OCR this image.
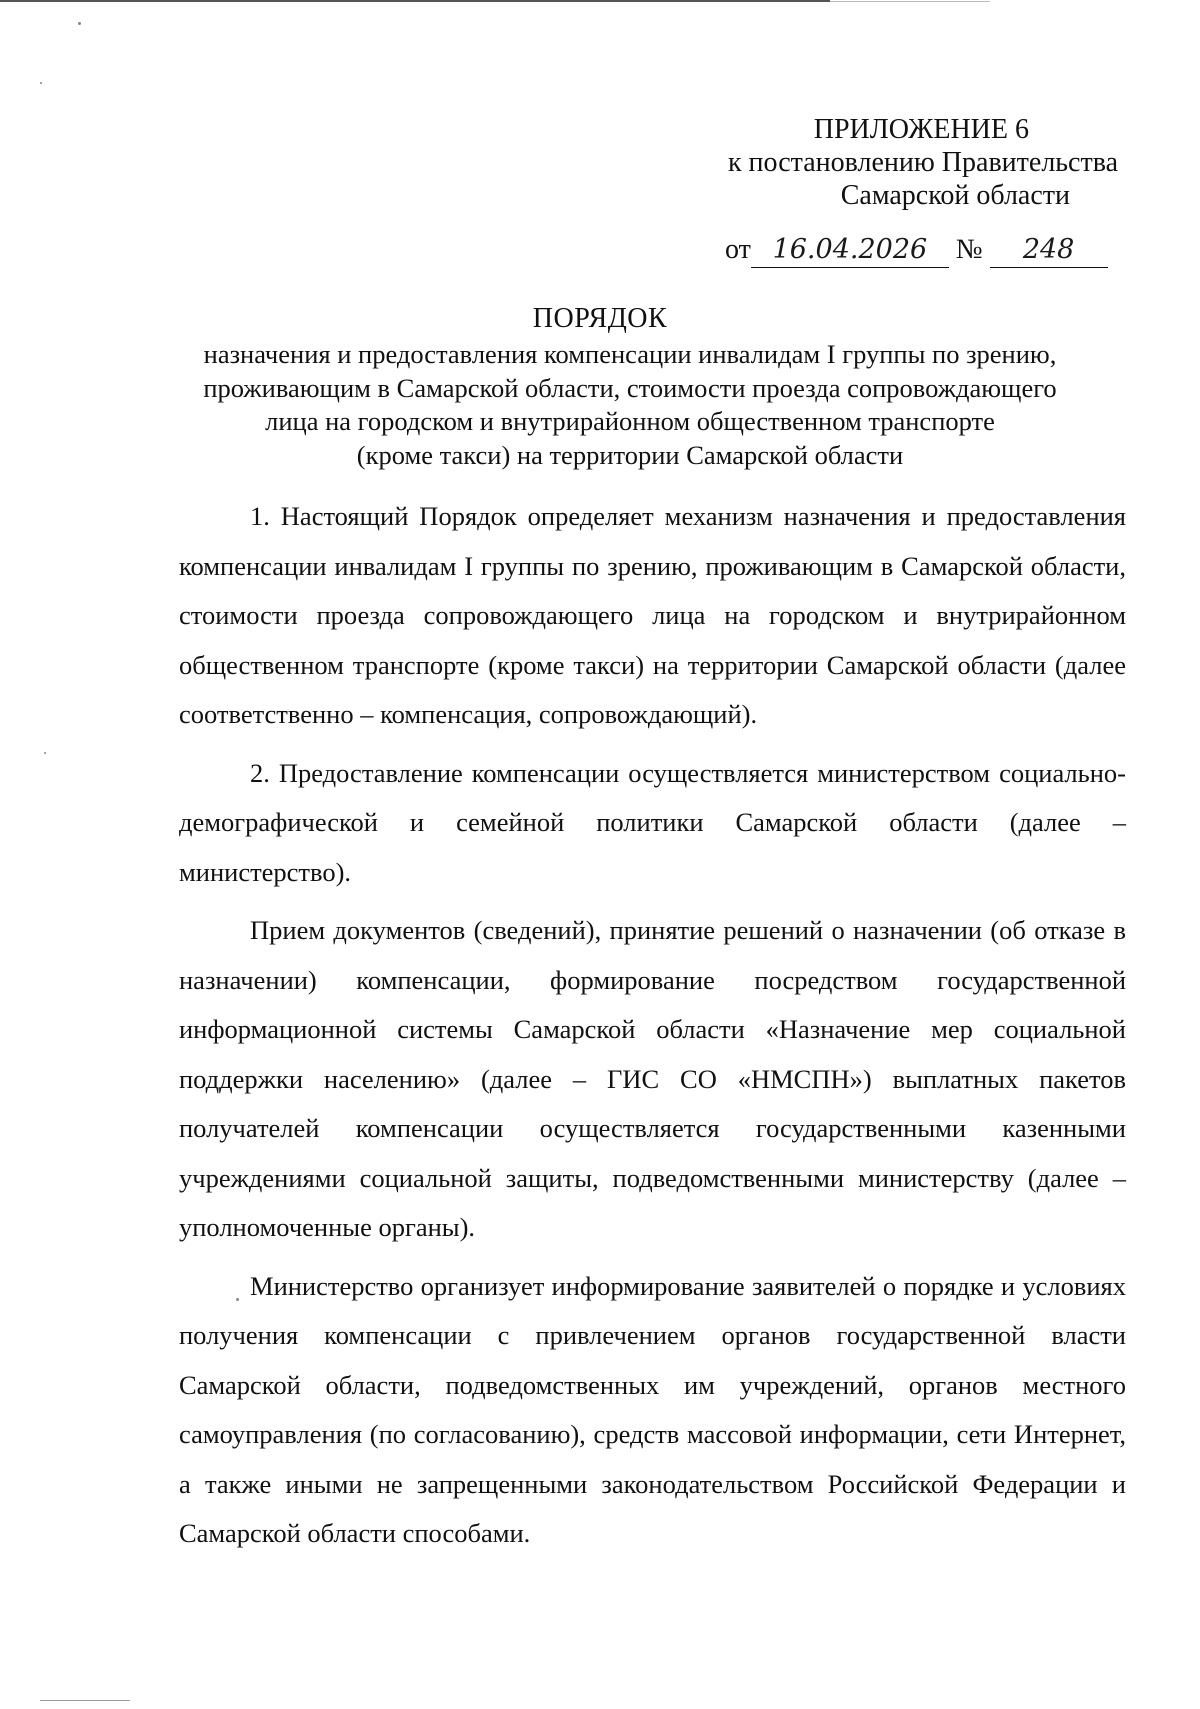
ПРИЛОЖЕНИЕ 6
к постановлению Правительства
Самарской области
от 16.04.2026 № 248
ПОРЯДОК
назначения и предоставления компенсации инвалидам I группы по зрению,
проживающим в Самарской области, стоимости проезда сопровождающего
лица на городском и внутрирайонном общественном транспорте
(кроме такси) на территории Самарской области

1. Настоящий Порядок определяет механизм назначения и предоставления компенсации инвалидам I группы по зрению, проживающим в Самарской области, стоимости проезда сопровождающего лица на городском и внутрирайонном общественном транспорте (кроме такси) на территории Самарской области (далее соответственно – компенсация, сопровождающий).

2. Предоставление компенсации осуществляется министерством социально-демографической и семейной политики Самарской области (далее – министерство).

Прием документов (сведений), принятие решений о назначении (об отказе в назначении) компенсации, формирование посредством государственной информационной системы Самарской области «Назначение мер социальной поддержки населению» (далее – ГИС СО «НМСПН») выплатных пакетов получателей компенсации осуществляется государственными казенными учреждениями социальной защиты, подведомственными министерству (далее – уполномоченные органы).

Министерство организует информирование заявителей о порядке и условиях получения компенсации с привлечением органов государственной власти Самарской области, подведомственных им учреждений, органов местного самоуправления (по согласованию), средств массовой информации, сети Интернет, а также иными не запрещенными законодательством Российской Федерации и Самарской области способами.
